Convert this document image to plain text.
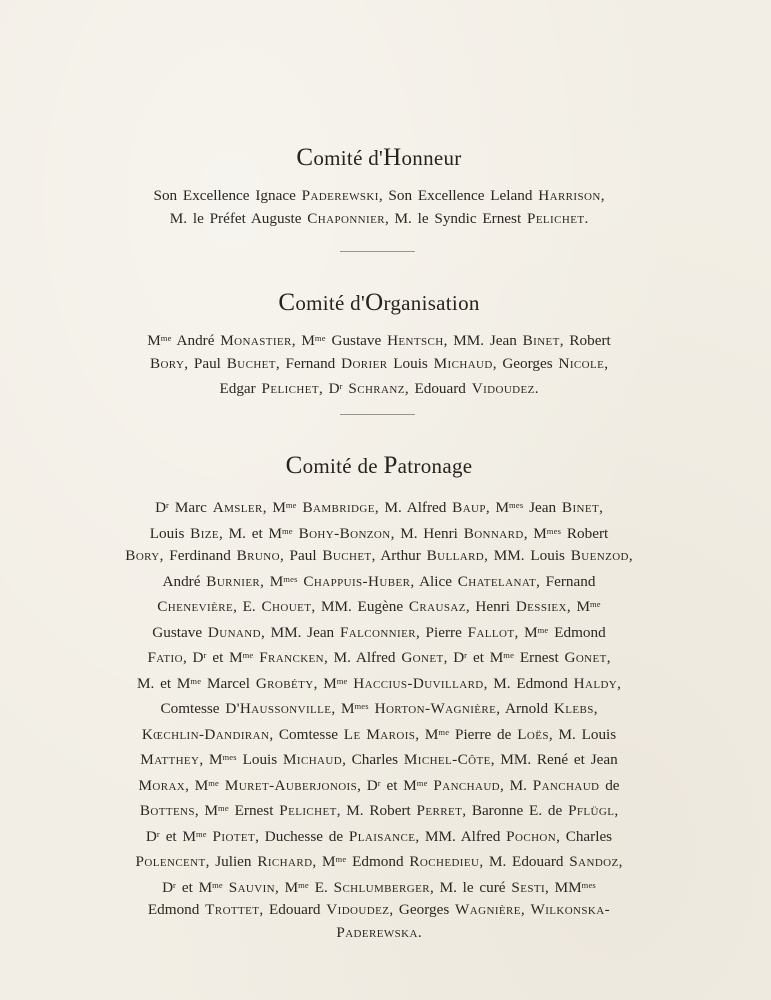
Comité d'Honneur

Son Excellence Ignace Paderewski, Son Excellence Leland Harrison,
M. le Préfet Auguste Chaponnier, M. le Syndic Ernest Pelichet.

Comité d'Organisation

$M^{me}$ André Monastier, $M^{me}$ Gustave Hentsch, MM. Jean Binet, Robert
Bory, Paul Buchet, Fernand Dorier Louis Michaud, Georges Nicole,
Edgar Pelichet, $D^r$ Schranz, Edouard Vidoudez.

Comité de Patronage

$D^r$ Marc Amsler, $M^{me}$ Bambridge, M. Alfred Baup, $M^{mes}$ Jean Binet,
Louis Bize, M. et $M^{me}$ Bohy-Bonzon, M. Henri Bonnard, $M^{mes}$ Robert
Bory, Ferdinand Bruno, Paul Buchet, Arthur Bullard, MM. Louis Buenzod,
André Burnier, $M^{mes}$ Chappuis-Huber, Alice Chatelanat, Fernand
Chenevière, E. Chouet, MM. Eugène Crausaz, Henri Dessiex, $M^{me}$
Gustave Dunand, MM. Jean Falconnier, Pierre Fallot, $M^{me}$ Edmond
Fatio, $D^r$ et $M^{me}$ Francken, M. Alfred Gonet, $D^r$ et $M^{me}$ Ernest Gonet,
M. et $M^{me}$ Marcel Grobéty, $M^{me}$ Haccius-Duvillard, M. Edmond Haldy,
Comtesse D'Haussonville, $M^{mes}$ Horton-Wagnière, Arnold Klebs,
Kœchlin-Dandiran, Comtesse Le Marois, $M^{me}$ Pierre de Loës, M. Louis
Matthey, $M^{mes}$ Louis Michaud, Charles Michel-Côte, MM. René et Jean
Morax, $M^{me}$ Muret-Auberjonois, $D^r$ et $M^{me}$ Panchaud, M. Panchaud de
Bottens, $M^{me}$ Ernest Pelichet, M. Robert Perret, Baronne E. de Pflügl,
$D^r$ et $M^{me}$ Piotet, Duchesse de Plaisance, MM. Alfred Pochon, Charles
Polencent, Julien Richard, $M^{me}$ Edmond Rochedieu, M. Edouard Sandoz,
$D^r$ et $M^{me}$ Sauvin, $M^{me}$ E. Schlumberger, M. le curé Sesti, $MM^{mes}$
Edmond Trottet, Edouard Vidoudez, Georges Wagnière, Wilkonska-
Paderewska.
